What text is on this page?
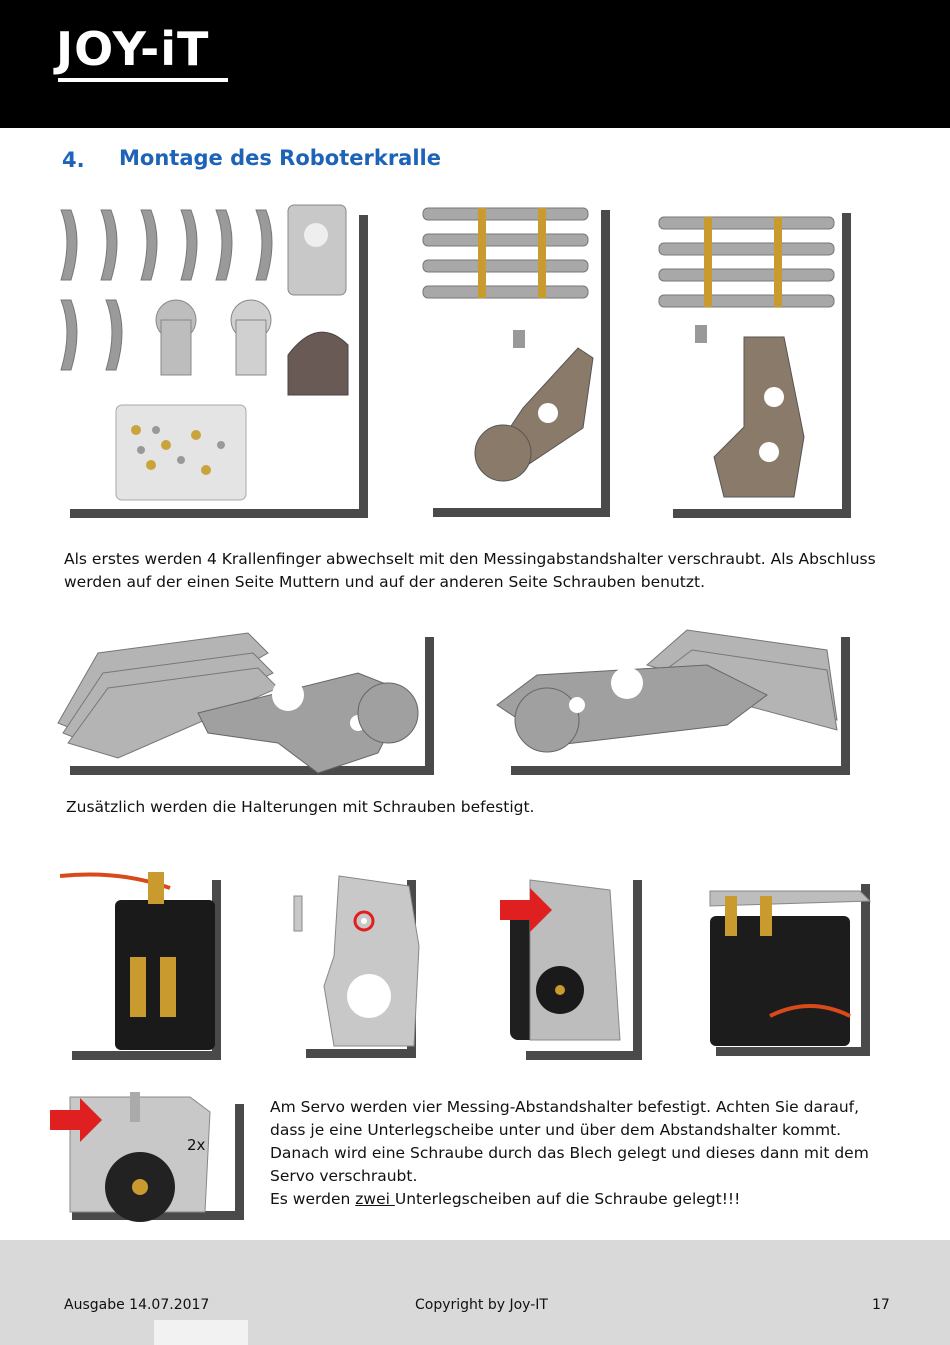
JOY-iT
4. Montage des Roboterkralle
Als erstes werden 4 Krallenfinger abwechselt mit den Messingabstandshalter verschraubt. Als Abschluss
werden auf der einen Seite Muttern und auf der anderen Seite Schrauben benutzt.
Zusätzlich werden die Halterungen mit Schrauben befestigt.
2x
Am Servo werden vier Messing-Abstandshalter befestigt. Achten Sie darauf,
dass je eine Unterlegscheibe unter und über dem Abstandshalter kommt.
Danach wird eine Schraube durch das Blech gelegt und dieses dann mit dem
Servo verschraubt.
Es werden zwei Unterlegscheiben auf die Schraube gelegt!!!
Ausgabe 14.07.2017	Copyright by Joy-IT	17
